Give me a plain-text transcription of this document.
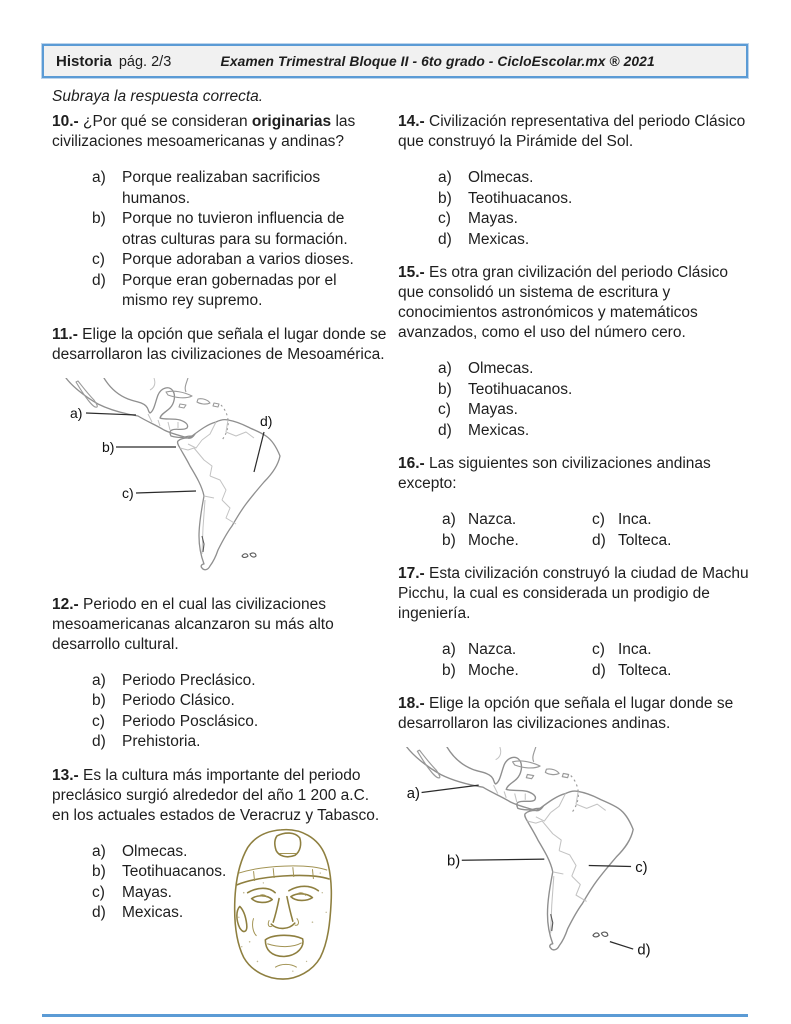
Historia pág. 2/3	Examen Trimestral Bloque II - 6to grado - CicloEscolar.mx ® 2021
Subraya la respuesta correcta.

10.- ¿Por qué se consideran originarias las civilizaciones mesoamericanas y andinas?

a)	Porque realizaban sacrificios humanos.
b)	Porque no tuvieron influencia de otras culturas para su formación.
c)	Porque adoraban a varios dioses.
d)	Porque eran gobernadas por el mismo rey supremo.

11.- Elige la opción que señala el lugar donde se desarrollaron las civilizaciones de Mesoamérica.

a)
b)
c)
d)

12.- Periodo en el cual las civilizaciones mesoamericanas alcanzaron su más alto desarrollo cultural.

a)	Periodo Preclásico.
b)	Periodo Clásico.
c)	Periodo Posclásico.
d)	Prehistoria.

13.- Es la cultura más importante del periodo preclásico surgió alrededor del año 1 200 a.C. en los actuales estados de Veracruz y Tabasco.

a)	Olmecas.
b)	Teotihuacanos.
c)	Mayas.
d)	Mexicas.

14.- Civilización representativa del periodo Clásico que construyó la Pirámide del Sol.

a)	Olmecas.
b)	Teotihuacanos.
c)	Mayas.
d)	Mexicas.

15.- Es otra gran civilización del periodo Clásico que consolidó un sistema de escritura y conocimientos astronómicos y matemáticos avanzados, como el uso del número cero.

a)	Olmecas.
b)	Teotihuacanos.
c)	Mayas.
d)	Mexicas.

16.- Las siguientes son civilizaciones andinas excepto:

a) Nazca.	c) Inca.
b) Moche.	d) Tolteca.

17.- Esta civilización construyó la ciudad de Machu Picchu, la cual es considerada un prodigio de ingeniería.

a) Nazca.	c) Inca.
b) Moche.	d) Tolteca.

18.- Elige la opción que señala el lugar donde se desarrollaron las civilizaciones andinas.

a)
b)	c)
d)
